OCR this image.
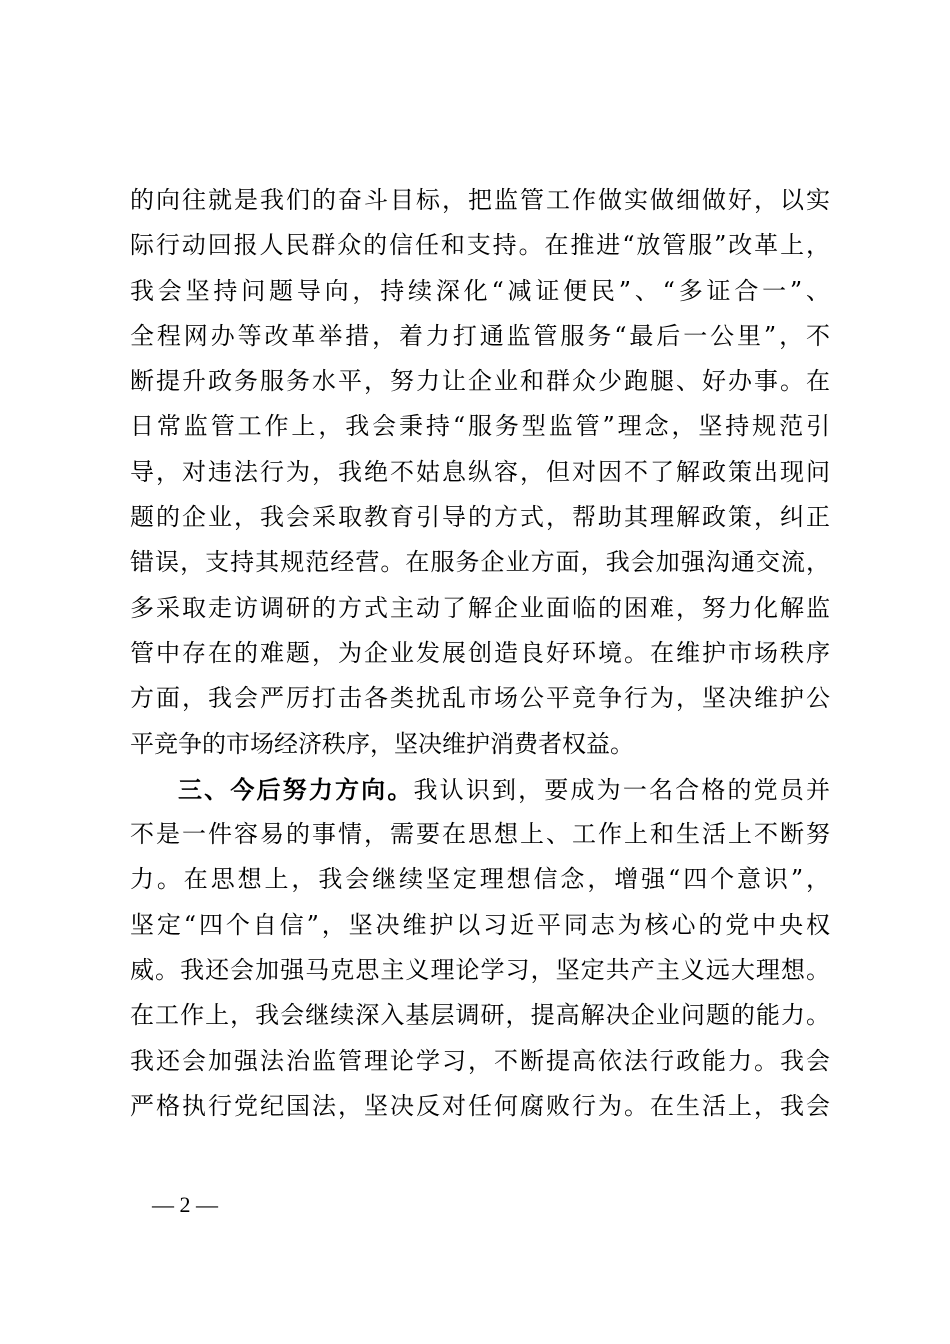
的向往就是我们的奋斗目标，把监管工作做实做细做好，以实
际行动回报人民群众的信任和支持。在推进“放管服”改革上，
我会坚持问题导向，持续深化“减证便民”、“多证合一”、
全程网办等改革举措，着力打通监管服务“最后一公里”，不
断提升政务服务水平，努力让企业和群众少跑腿、好办事。在
日常监管工作上，我会秉持“服务型监管”理念，坚持规范引
导，对违法行为，我绝不姑息纵容，但对因不了解政策出现问
题的企业，我会采取教育引导的方式，帮助其理解政策，纠正
错误，支持其规范经营。在服务企业方面，我会加强沟通交流，
多采取走访调研的方式主动了解企业面临的困难，努力化解监
管中存在的难题，为企业发展创造良好环境。在维护市场秩序
方面，我会严厉打击各类扰乱市场公平竞争行为，坚决维护公
平竞争的市场经济秩序，坚决维护消费者权益。
三、今后努力方向。我认识到，要成为一名合格的党员并
不是一件容易的事情，需要在思想上、工作上和生活上不断努
力。在思想上，我会继续坚定理想信念，增强“四个意识”，
坚定“四个自信”，坚决维护以习近平同志为核心的党中央权
威。我还会加强马克思主义理论学习，坚定共产主义远大理想。
在工作上，我会继续深入基层调研，提高解决企业问题的能力。
我还会加强法治监管理论学习，不断提高依法行政能力。我会
严格执行党纪国法，坚决反对任何腐败行为。在生活上，我会
— 2 —
